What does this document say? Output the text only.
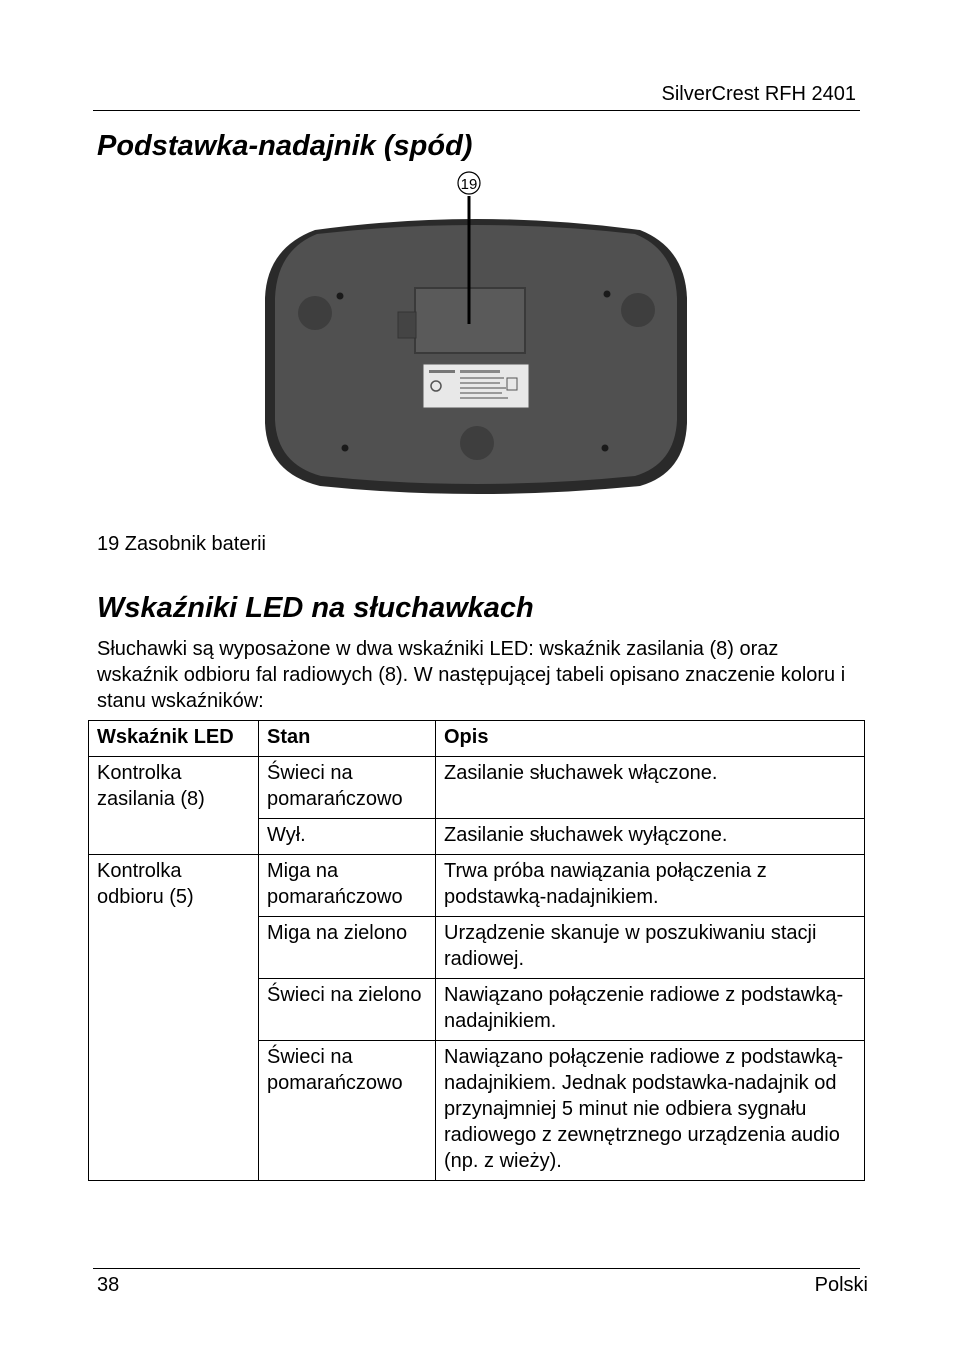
SilverCrest RFH 2401
Podstawka-nadajnik (spód)
19
19 Zasobnik baterii
Wskaźniki LED na słuchawkach

Słuchawki są wyposażone w dwa wskaźniki LED: wskaźnik zasilania (8) oraz wskaźnik odbioru fal radiowych (8). W następującej tabeli opisano znaczenie koloru i stanu wskaźników:

Wskaźnik LED	Stan	Opis
Kontrolka zasilania (8)	Świeci na pomarańczowo	Zasilanie słuchawek włączone.
	Wył.	Zasilanie słuchawek wyłączone.
Kontrolka odbioru (5)	Miga na pomarańczowo	Trwa próba nawiązania połączenia z podstawką-nadajnikiem.
	Miga na zielono	Urządzenie skanuje w poszukiwaniu stacji radiowej.
	Świeci na zielono	Nawiązano połączenie radiowe z podstawką-nadajnikiem.
	Świeci na pomarańczowo	Nawiązano połączenie radiowe z podstawką-nadajnikiem. Jednak podstawka-nadajnik od przynajmniej 5 minut nie odbiera sygnału radiowego z zewnętrznego urządzenia audio (np. z wieży).
38	Polski
